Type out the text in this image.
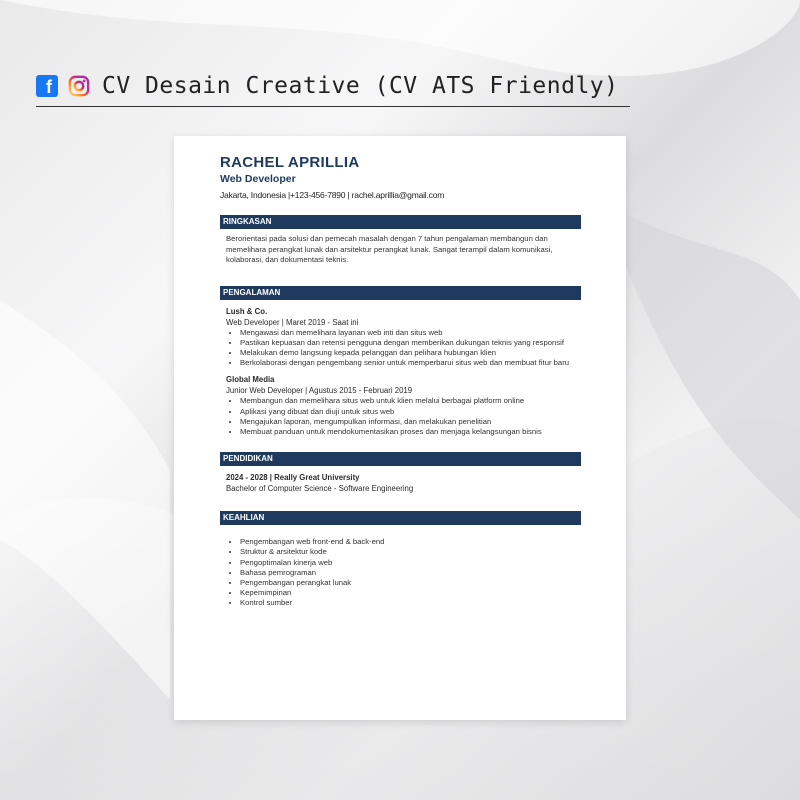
f CV Desain Creative (CV ATS Friendly)
RACHEL APRILLIA
Web Developer
Jakarta, Indonesia |+123-456-7890 | rachel.aprillia@gmail.com
RINGKASAN
Berorientasi pada solusi dan pemecah masalah dengan 7 tahun pengalaman membangun dan memelihara perangkat lunak dan arsitektur perangkat lunak. Sangat terampil dalam komunikasi, kolaborasi, dan dokumentasi teknis.
PENGALAMAN
Lush & Co.
Web Developer | Maret 2019 - Saat ini
• Mengawasi dan memelihara layanan web inti dan situs web
• Pastikan kepuasan dan retensi pengguna dengan memberikan dukungan teknis yang responsif
• Melakukan demo langsung kepada pelanggan dan pelihara hubungan klien
• Berkolaborasi dengan pengembang senior untuk memperbarui situs web dan membuat fitur baru
Global Media
Junior Web Developer | Agustus 2015 - Februari 2019
• Membangun dan memelihara situs web untuk klien melalui berbagai platform online
• Aplikasi yang dibuat dan diuji untuk situs web
• Mengajukan laporan, mengumpulkan informasi, dan melakukan penelitian
• Membuat panduan untuk mendokumentasikan proses dan menjaga kelangsungan bisnis
PENDIDIKAN
2024 - 2028 | Really Great University
Bachelor of Computer Science - Software Engineering
KEAHLIAN
• Pengembangan web front-end & back-end
• Struktur & arsitektur kode
• Pengoptimalan kinerja web
• Bahasa pemrograman
• Pengembangan perangkat lunak
• Kepemimpinan
• Kontrol sumber
